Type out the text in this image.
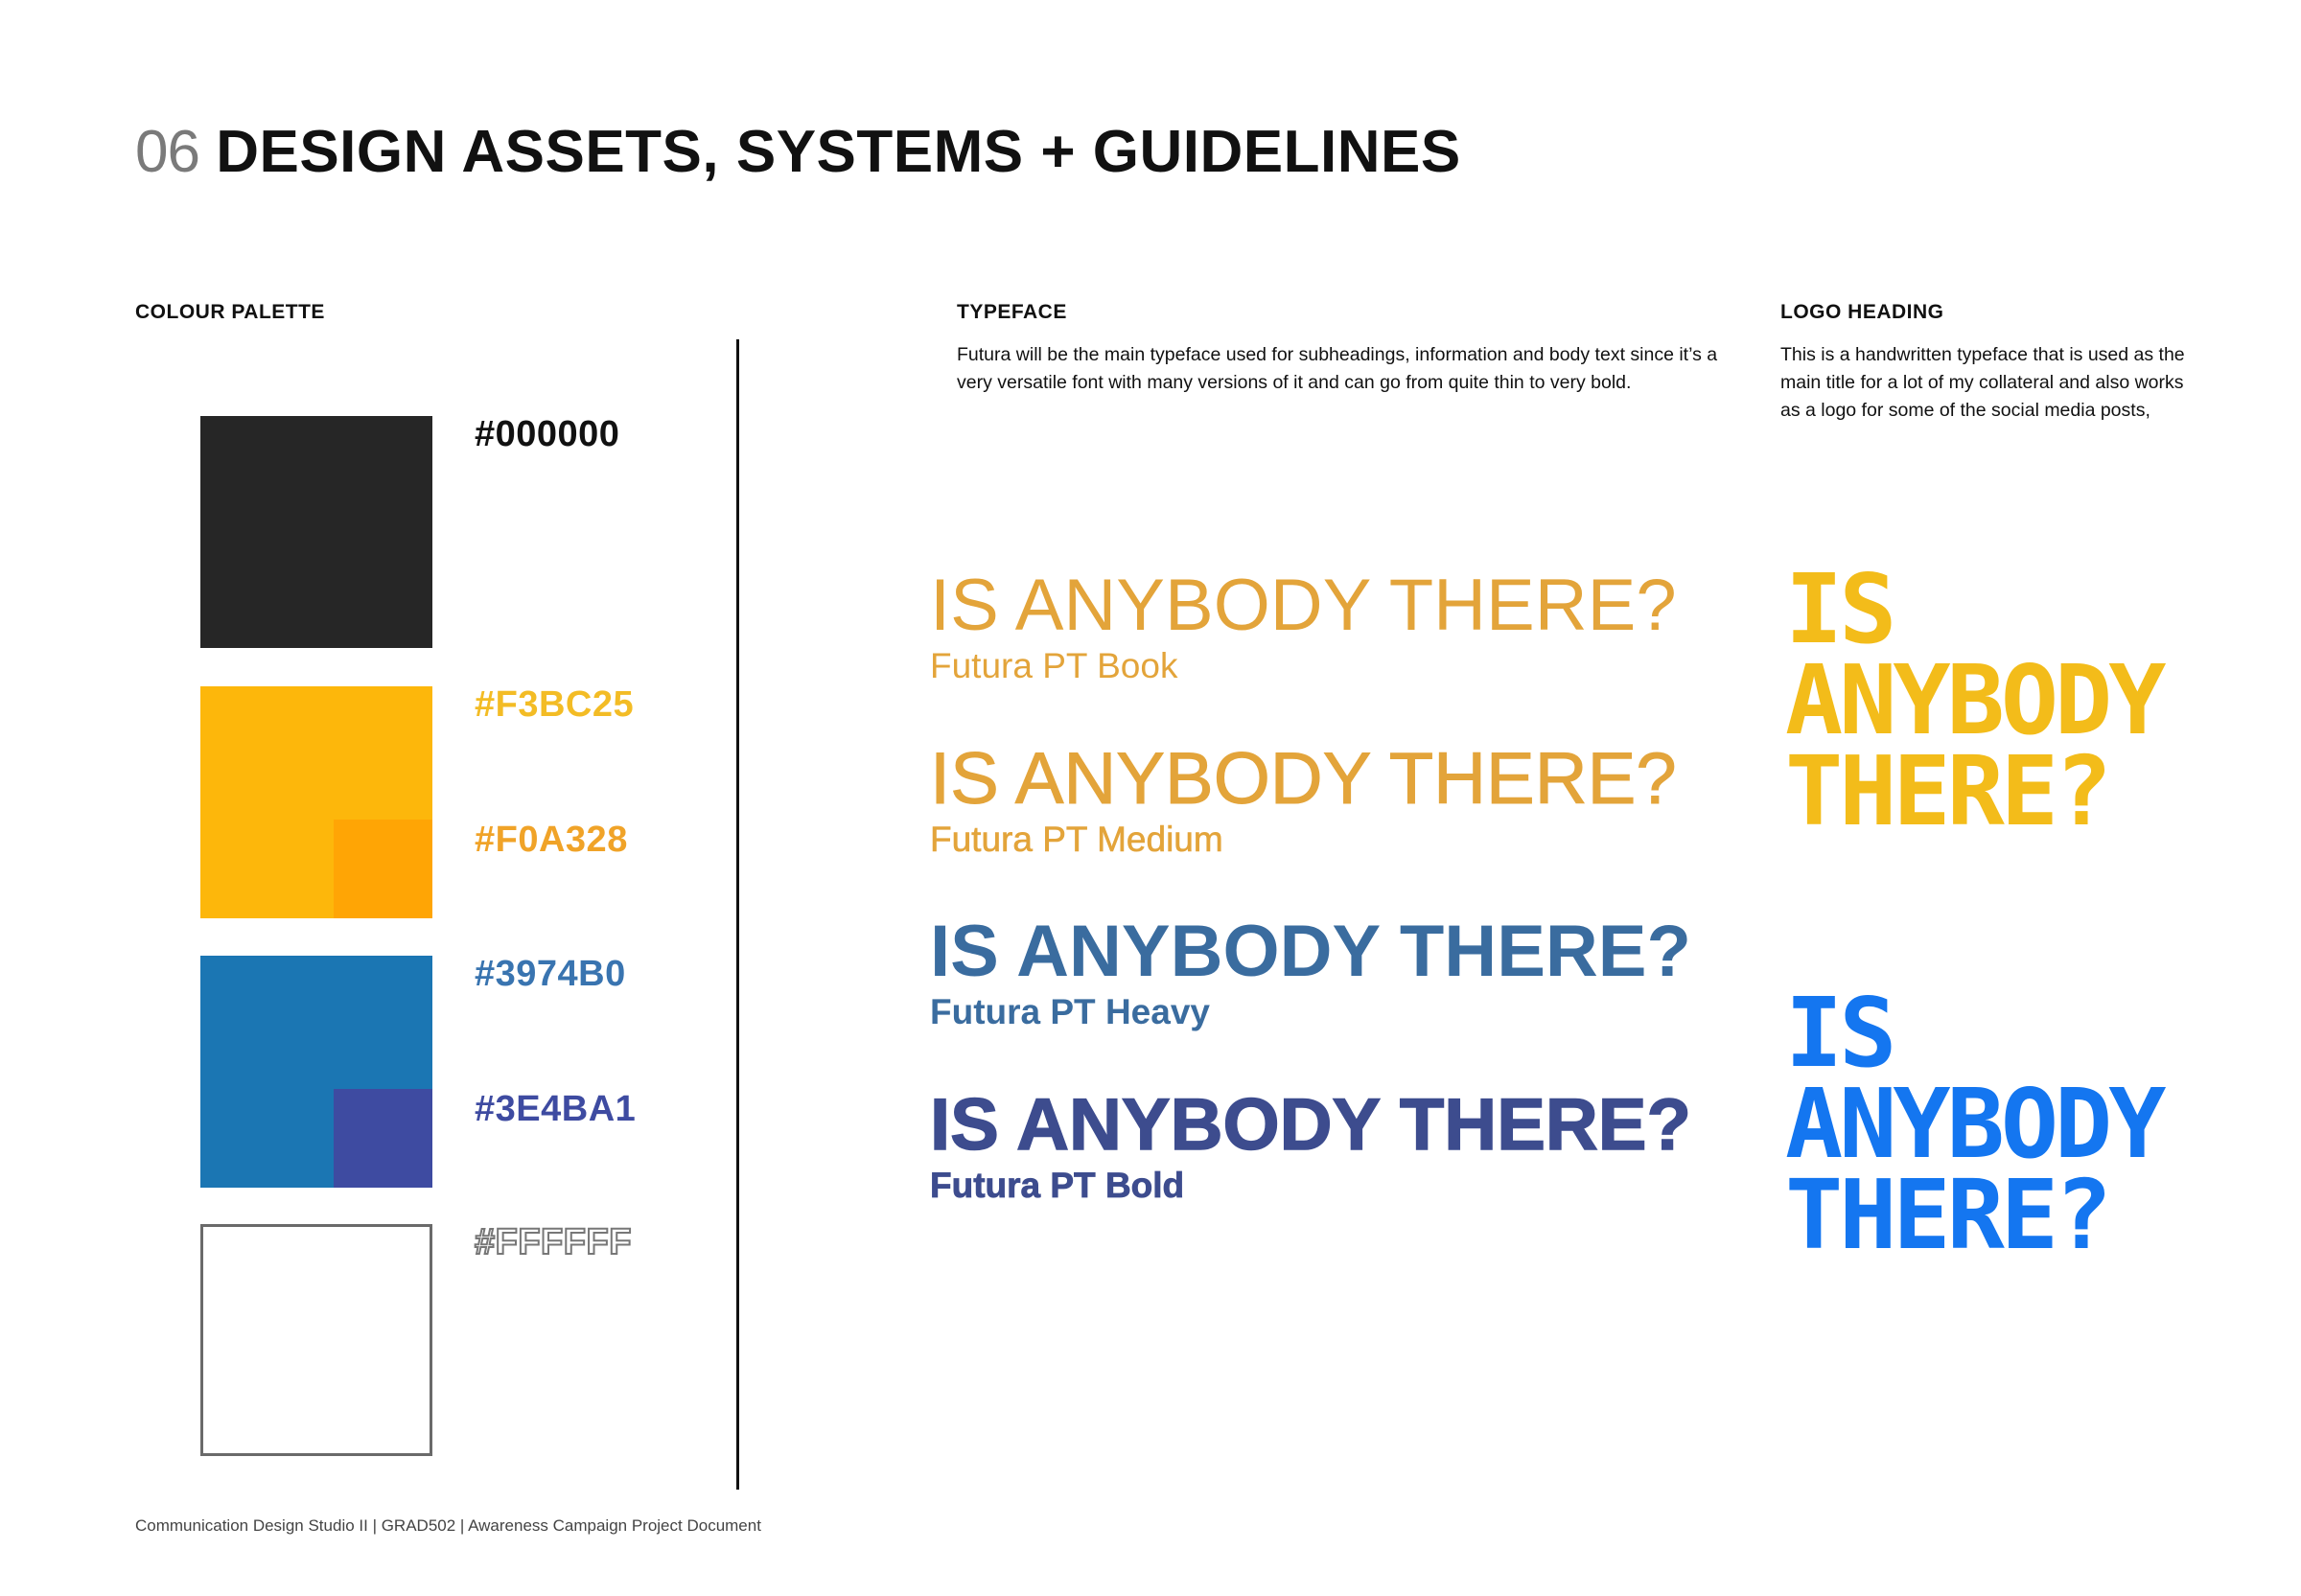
06 DESIGN ASSETS, SYSTEMS + GUIDELINES
COLOUR PALETTE
#000000
#F3BC25
#F0A328
#3974B0
#3E4BA1
#FFFFFF
TYPEFACE
Futura will be the main typeface used for subheadings, information and body text since it’s a very versatile font with many versions of it and can go from quite thin to very bold.
IS ANYBODY THERE?
Futura PT Book
IS ANYBODY THERE?
Futura PT Medium
IS ANYBODY THERE?
Futura PT Heavy
IS ANYBODY THERE?
Futura PT Bold
LOGO HEADING
This is a handwritten typeface that is used as the main title for a lot of my collateral and also works as a logo for some of the social media posts,
IS
ANYBODY
THERE?
IS
ANYBODY
THERE?
Communication Design Studio II | GRAD502 | Awareness Campaign Project Document
